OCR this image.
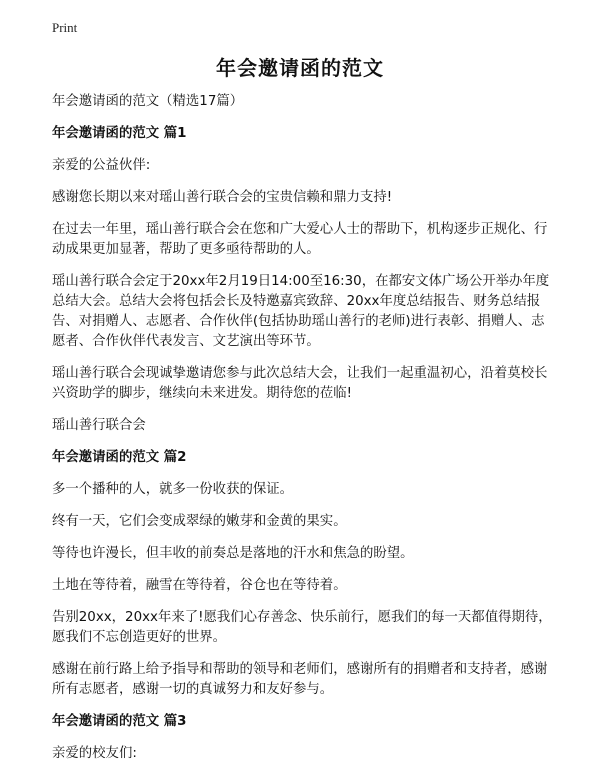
Print
年会邀请函的范文

年会邀请函的范文（精选17篇）

年会邀请函的范文 篇1

亲爱的公益伙伴:

感谢您长期以来对瑶山善行联合会的宝贵信赖和鼎力支持!

在过去一年里，瑶山善行联合会在您和广大爱心人士的帮助下，机构逐步正规化、行动成果更加显著，帮助了更多亟待帮助的人。

瑶山善行联合会定于20xx年2月19日14:00至16:30，在都安文体广场公开举办年度总结大会。总结大会将包括会长及特邀嘉宾致辞、20xx年度总结报告、财务总结报告、对捐赠人、志愿者、合作伙伴(包括协助瑶山善行的老师)进行表彰、捐赠人、志愿者、合作伙伴代表发言、文艺演出等环节。

瑶山善行联合会现诚挚邀请您参与此次总结大会，让我们一起重温初心，沿着莫校长兴资助学的脚步，继续向未来进发。期待您的莅临!

瑶山善行联合会

年会邀请函的范文 篇2

多一个播种的人，就多一份收获的保证。

终有一天，它们会变成翠绿的嫩芽和金黄的果实。

等待也许漫长，但丰收的前奏总是落地的汗水和焦急的盼望。

土地在等待着，融雪在等待着，谷仓也在等待着。

告别20xx，20xx年来了!愿我们心存善念、快乐前行，愿我们的每一天都值得期待，愿我们不忘创造更好的世界。

感谢在前行路上给予指导和帮助的领导和老师们，感谢所有的捐赠者和支持者，感谢所有志愿者，感谢一切的真诚努力和友好参与。

年会邀请函的范文 篇3

亲爱的校友们:
